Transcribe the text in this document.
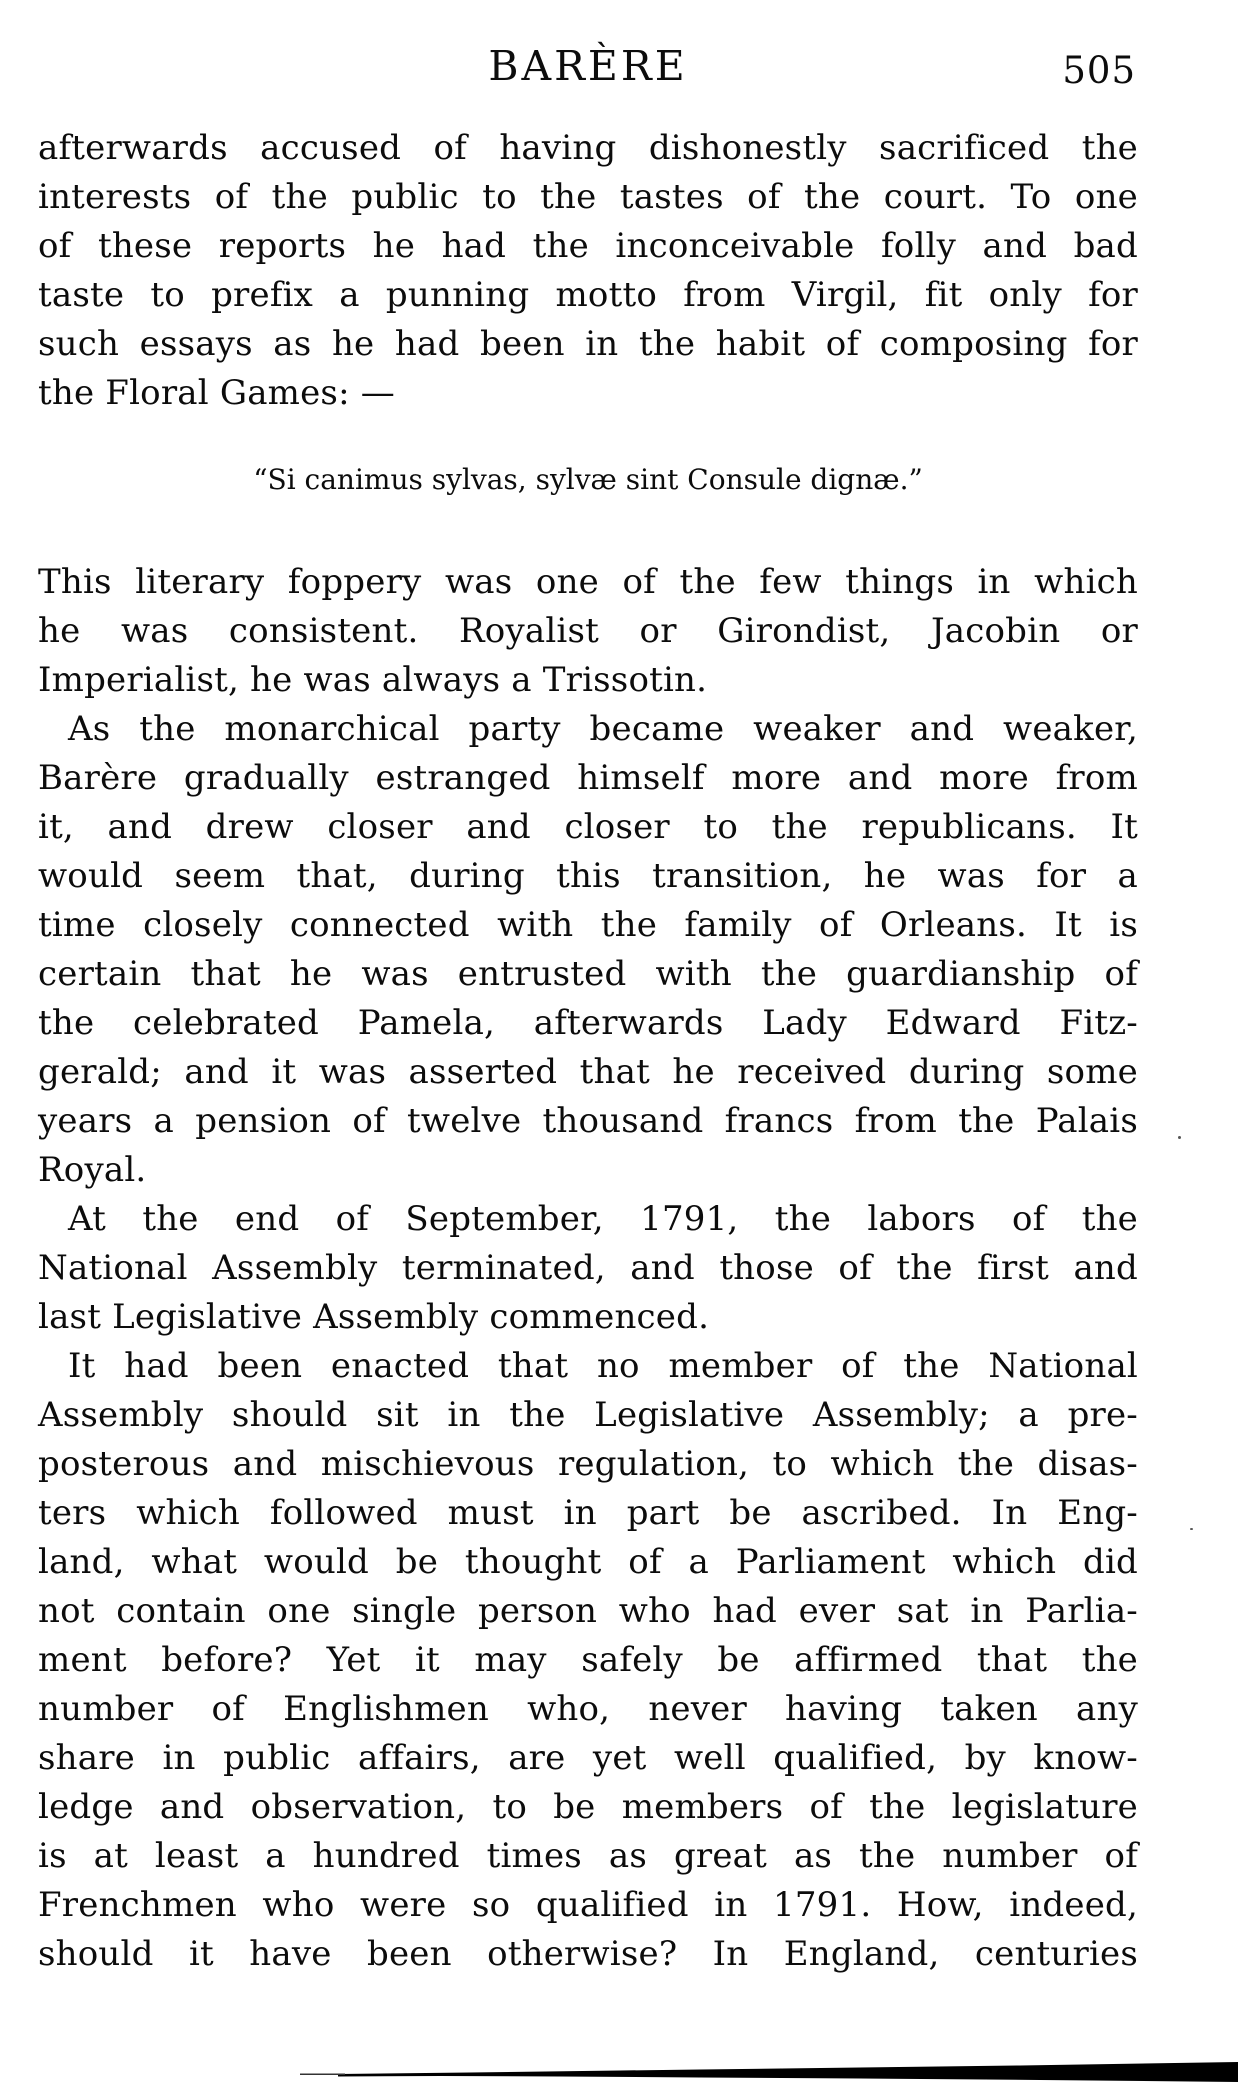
BARÈRE	505
afterwards accused of having dishonestly sacrificed the
interests of the public to the tastes of the court. To one
of these reports he had the inconceivable folly and bad
taste to prefix a punning motto from Virgil, fit only for
such essays as he had been in the habit of composing for
the Floral Games: —
“Si canimus sylvas, sylvæ sint Consule dignæ.”
This literary foppery was one of the few things in which
he was consistent. Royalist or Girondist, Jacobin or
Imperialist, he was always a Trissotin.
As the monarchical party became weaker and weaker,
Barère gradually estranged himself more and more from
it, and drew closer and closer to the republicans. It
would seem that, during this transition, he was for a
time closely connected with the family of Orleans. It is
certain that he was entrusted with the guardianship of
the celebrated Pamela, afterwards Lady Edward Fitz-
gerald; and it was asserted that he received during some
years a pension of twelve thousand francs from the Palais
Royal.
At the end of September, 1791, the labors of the
National Assembly terminated, and those of the first and
last Legislative Assembly commenced.
It had been enacted that no member of the National
Assembly should sit in the Legislative Assembly; a pre-
posterous and mischievous regulation, to which the disas-
ters which followed must in part be ascribed. In Eng-
land, what would be thought of a Parliament which did
not contain one single person who had ever sat in Parlia-
ment before? Yet it may safely be affirmed that the
number of Englishmen who, never having taken any
share in public affairs, are yet well qualified, by know-
ledge and observation, to be members of the legislature
is at least a hundred times as great as the number of
Frenchmen who were so qualified in 1791. How, indeed,
should it have been otherwise? In England, centuries
